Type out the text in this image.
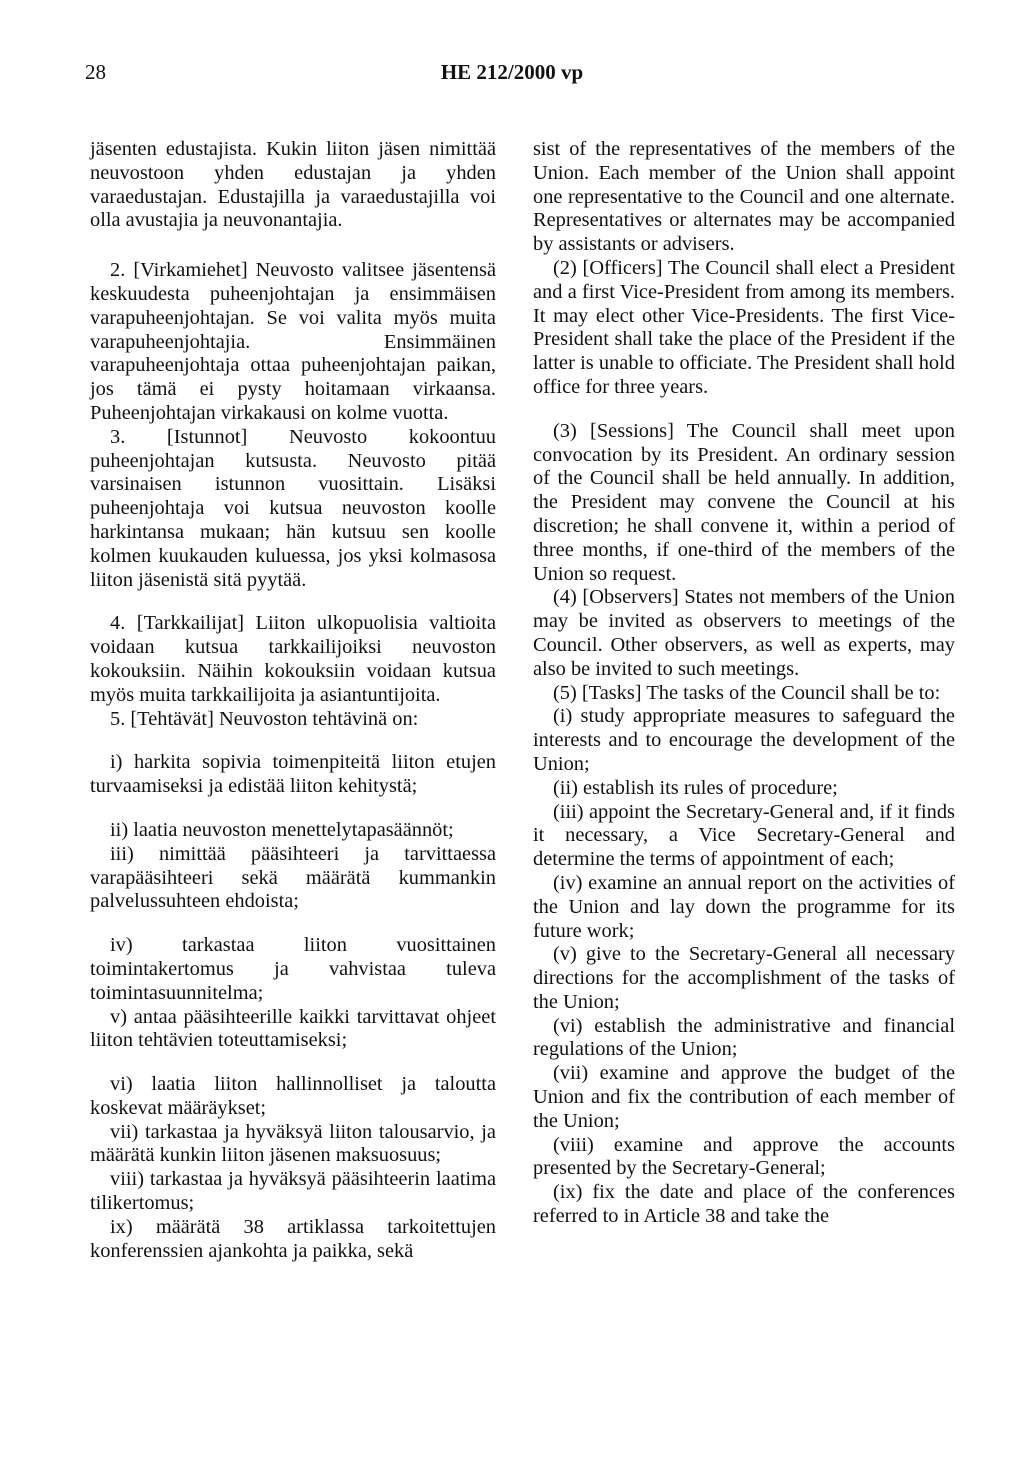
28	HE 212/2000 vp

jäsenten edustajista. Kukin liiton jäsen nimittää neuvostoon yhden edustajan ja yhden varaedustajan. Edustajilla ja varaedustajilla voi olla avustajia ja neuvonantajia.

2. [Virkamiehet] Neuvosto valitsee jäsentensä keskuudesta puheenjohtajan ja ensimmäisen varapuheenjohtajan. Se voi valita myös muita varapuheenjohtajia. Ensimmäinen varapuheenjohtaja ottaa puheenjohtajan paikan, jos tämä ei pysty hoitamaan virkaansa. Puheenjohtajan virkakausi on kolme vuotta.

3. [Istunnot] Neuvosto kokoontuu puheenjohtajan kutsusta. Neuvosto pitää varsinaisen istunnon vuosittain. Lisäksi puheenjohtaja voi kutsua neuvoston koolle harkintansa mukaan; hän kutsuu sen koolle kolmen kuukauden kuluessa, jos yksi kolmasosa liiton jäsenistä sitä pyytää.

4. [Tarkkailijat] Liiton ulkopuolisia valtioita voidaan kutsua tarkkailijoiksi neuvoston kokouksiin. Näihin kokouksiin voidaan kutsua myös muita tarkkailijoita ja asiantuntijoita.

5. [Tehtävät] Neuvoston tehtävinä on:

i) harkita sopivia toimenpiteitä liiton etujen turvaamiseksi ja edistää liiton kehitystä;

ii) laatia neuvoston menettelytapasäännöt;

iii) nimittää pääsihteeri ja tarvittaessa varapääsihteeri sekä määrätä kummankin palvelussuhteen ehdoista;

iv) tarkastaa liiton vuosittainen toimintakertomus ja vahvistaa tuleva toimintasuunnitelma;

v) antaa pääsihteerille kaikki tarvittavat ohjeet liiton tehtävien toteuttamiseksi;

vi) laatia liiton hallinnolliset ja taloutta koskevat määräykset;

vii) tarkastaa ja hyväksyä liiton talousarvio, ja määrätä kunkin liiton jäsenen maksuosuus;

viii) tarkastaa ja hyväksyä pääsihteerin laatima tilikertomus;

ix) määrätä 38 artiklassa tarkoitettujen konferenssien ajankohta ja paikka, sekä

sist of the representatives of the members of the Union. Each member of the Union shall appoint one representative to the Council and one alternate. Representatives or alternates may be accompanied by assistants or advisers.

(2) [Officers] The Council shall elect a President and a first Vice-President from among its members. It may elect other Vice-Presidents. The first Vice-President shall take the place of the President if the latter is unable to officiate. The President shall hold office for three years.

(3) [Sessions] The Council shall meet upon convocation by its President. An ordinary session of the Council shall be held annually. In addition, the President may convene the Council at his discretion; he shall convene it, within a period of three months, if one-third of the members of the Union so request.

(4) [Observers] States not members of the Union may be invited as observers to meetings of the Council. Other observers, as well as experts, may also be invited to such meetings.

(5) [Tasks] The tasks of the Council shall be to:

(i) study appropriate measures to safeguard the interests and to encourage the development of the Union;

(ii) establish its rules of procedure;

(iii) appoint the Secretary-General and, if it finds it necessary, a Vice Secretary-General and determine the terms of appointment of each;

(iv) examine an annual report on the activities of the Union and lay down the programme for its future work;

(v) give to the Secretary-General all necessary directions for the accomplishment of the tasks of the Union;

(vi) establish the administrative and financial regulations of the Union;

(vii) examine and approve the budget of the Union and fix the contribution of each member of the Union;

(viii) examine and approve the accounts presented by the Secretary-General;

(ix) fix the date and place of the conferences referred to in Article 38 and take the
